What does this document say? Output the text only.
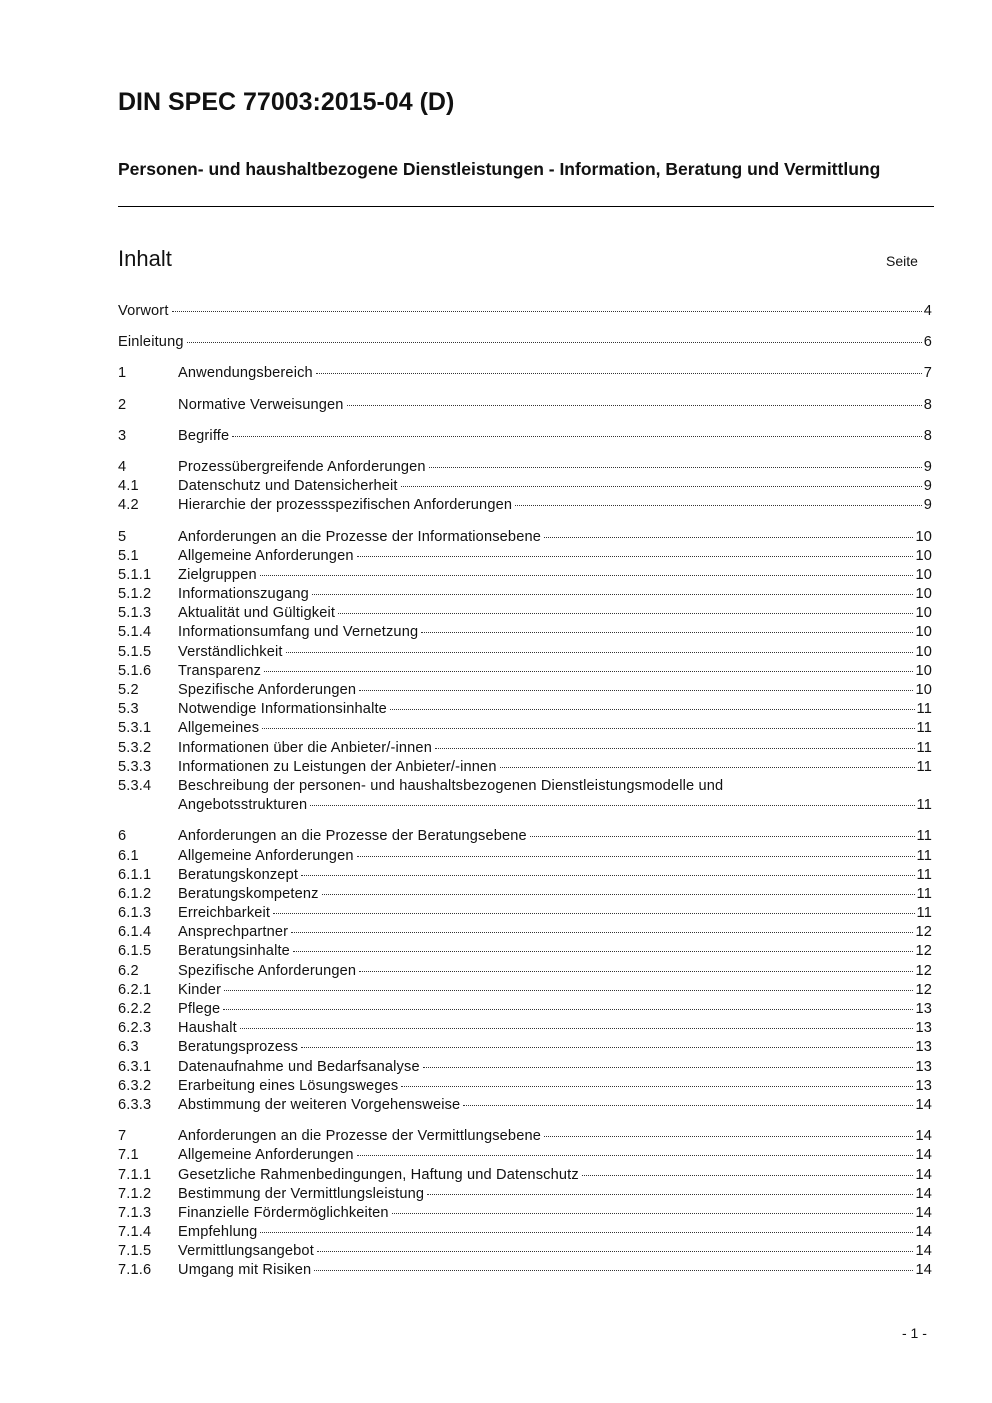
DIN SPEC 77003:2015-04 (D)
Personen- und haushaltbezogene Dienstleistungen - Information, Beratung und Vermittlung
Inhalt	Seite
Vorwort	4
Einleitung	6
1	Anwendungsbereich	7
2	Normative Verweisungen	8
3	Begriffe	8
4	Prozessübergreifende Anforderungen	9
4.1	Datenschutz und Datensicherheit	9
4.2	Hierarchie der prozessspezifischen Anforderungen	9
5	Anforderungen an die Prozesse der Informationsebene	10
5.1	Allgemeine Anforderungen	10
5.1.1	Zielgruppen	10
5.1.2	Informationszugang	10
5.1.3	Aktualität und Gültigkeit	10
5.1.4	Informationsumfang und Vernetzung	10
5.1.5	Verständlichkeit	10
5.1.6	Transparenz	10
5.2	Spezifische Anforderungen	10
5.3	Notwendige Informationsinhalte	11
5.3.1	Allgemeines	11
5.3.2	Informationen über die Anbieter/-innen	11
5.3.3	Informationen zu Leistungen der Anbieter/-innen	11
5.3.4	Beschreibung der personen- und haushaltsbezogenen Dienstleistungsmodelle und
Angebotsstrukturen	11
6	Anforderungen an die Prozesse der Beratungsebene	11
6.1	Allgemeine Anforderungen	11
6.1.1	Beratungskonzept	11
6.1.2	Beratungskompetenz	11
6.1.3	Erreichbarkeit	11
6.1.4	Ansprechpartner	12
6.1.5	Beratungsinhalte	12
6.2	Spezifische Anforderungen	12
6.2.1	Kinder	12
6.2.2	Pflege	13
6.2.3	Haushalt	13
6.3	Beratungsprozess	13
6.3.1	Datenaufnahme und Bedarfsanalyse	13
6.3.2	Erarbeitung eines Lösungsweges	13
6.3.3	Abstimmung der weiteren Vorgehensweise	14
7	Anforderungen an die Prozesse der Vermittlungsebene	14
7.1	Allgemeine Anforderungen	14
7.1.1	Gesetzliche Rahmenbedingungen, Haftung und Datenschutz	14
7.1.2	Bestimmung der Vermittlungsleistung	14
7.1.3	Finanzielle Fördermöglichkeiten	14
7.1.4	Empfehlung	14
7.1.5	Vermittlungsangebot	14
7.1.6	Umgang mit Risiken	14
- 1 -
